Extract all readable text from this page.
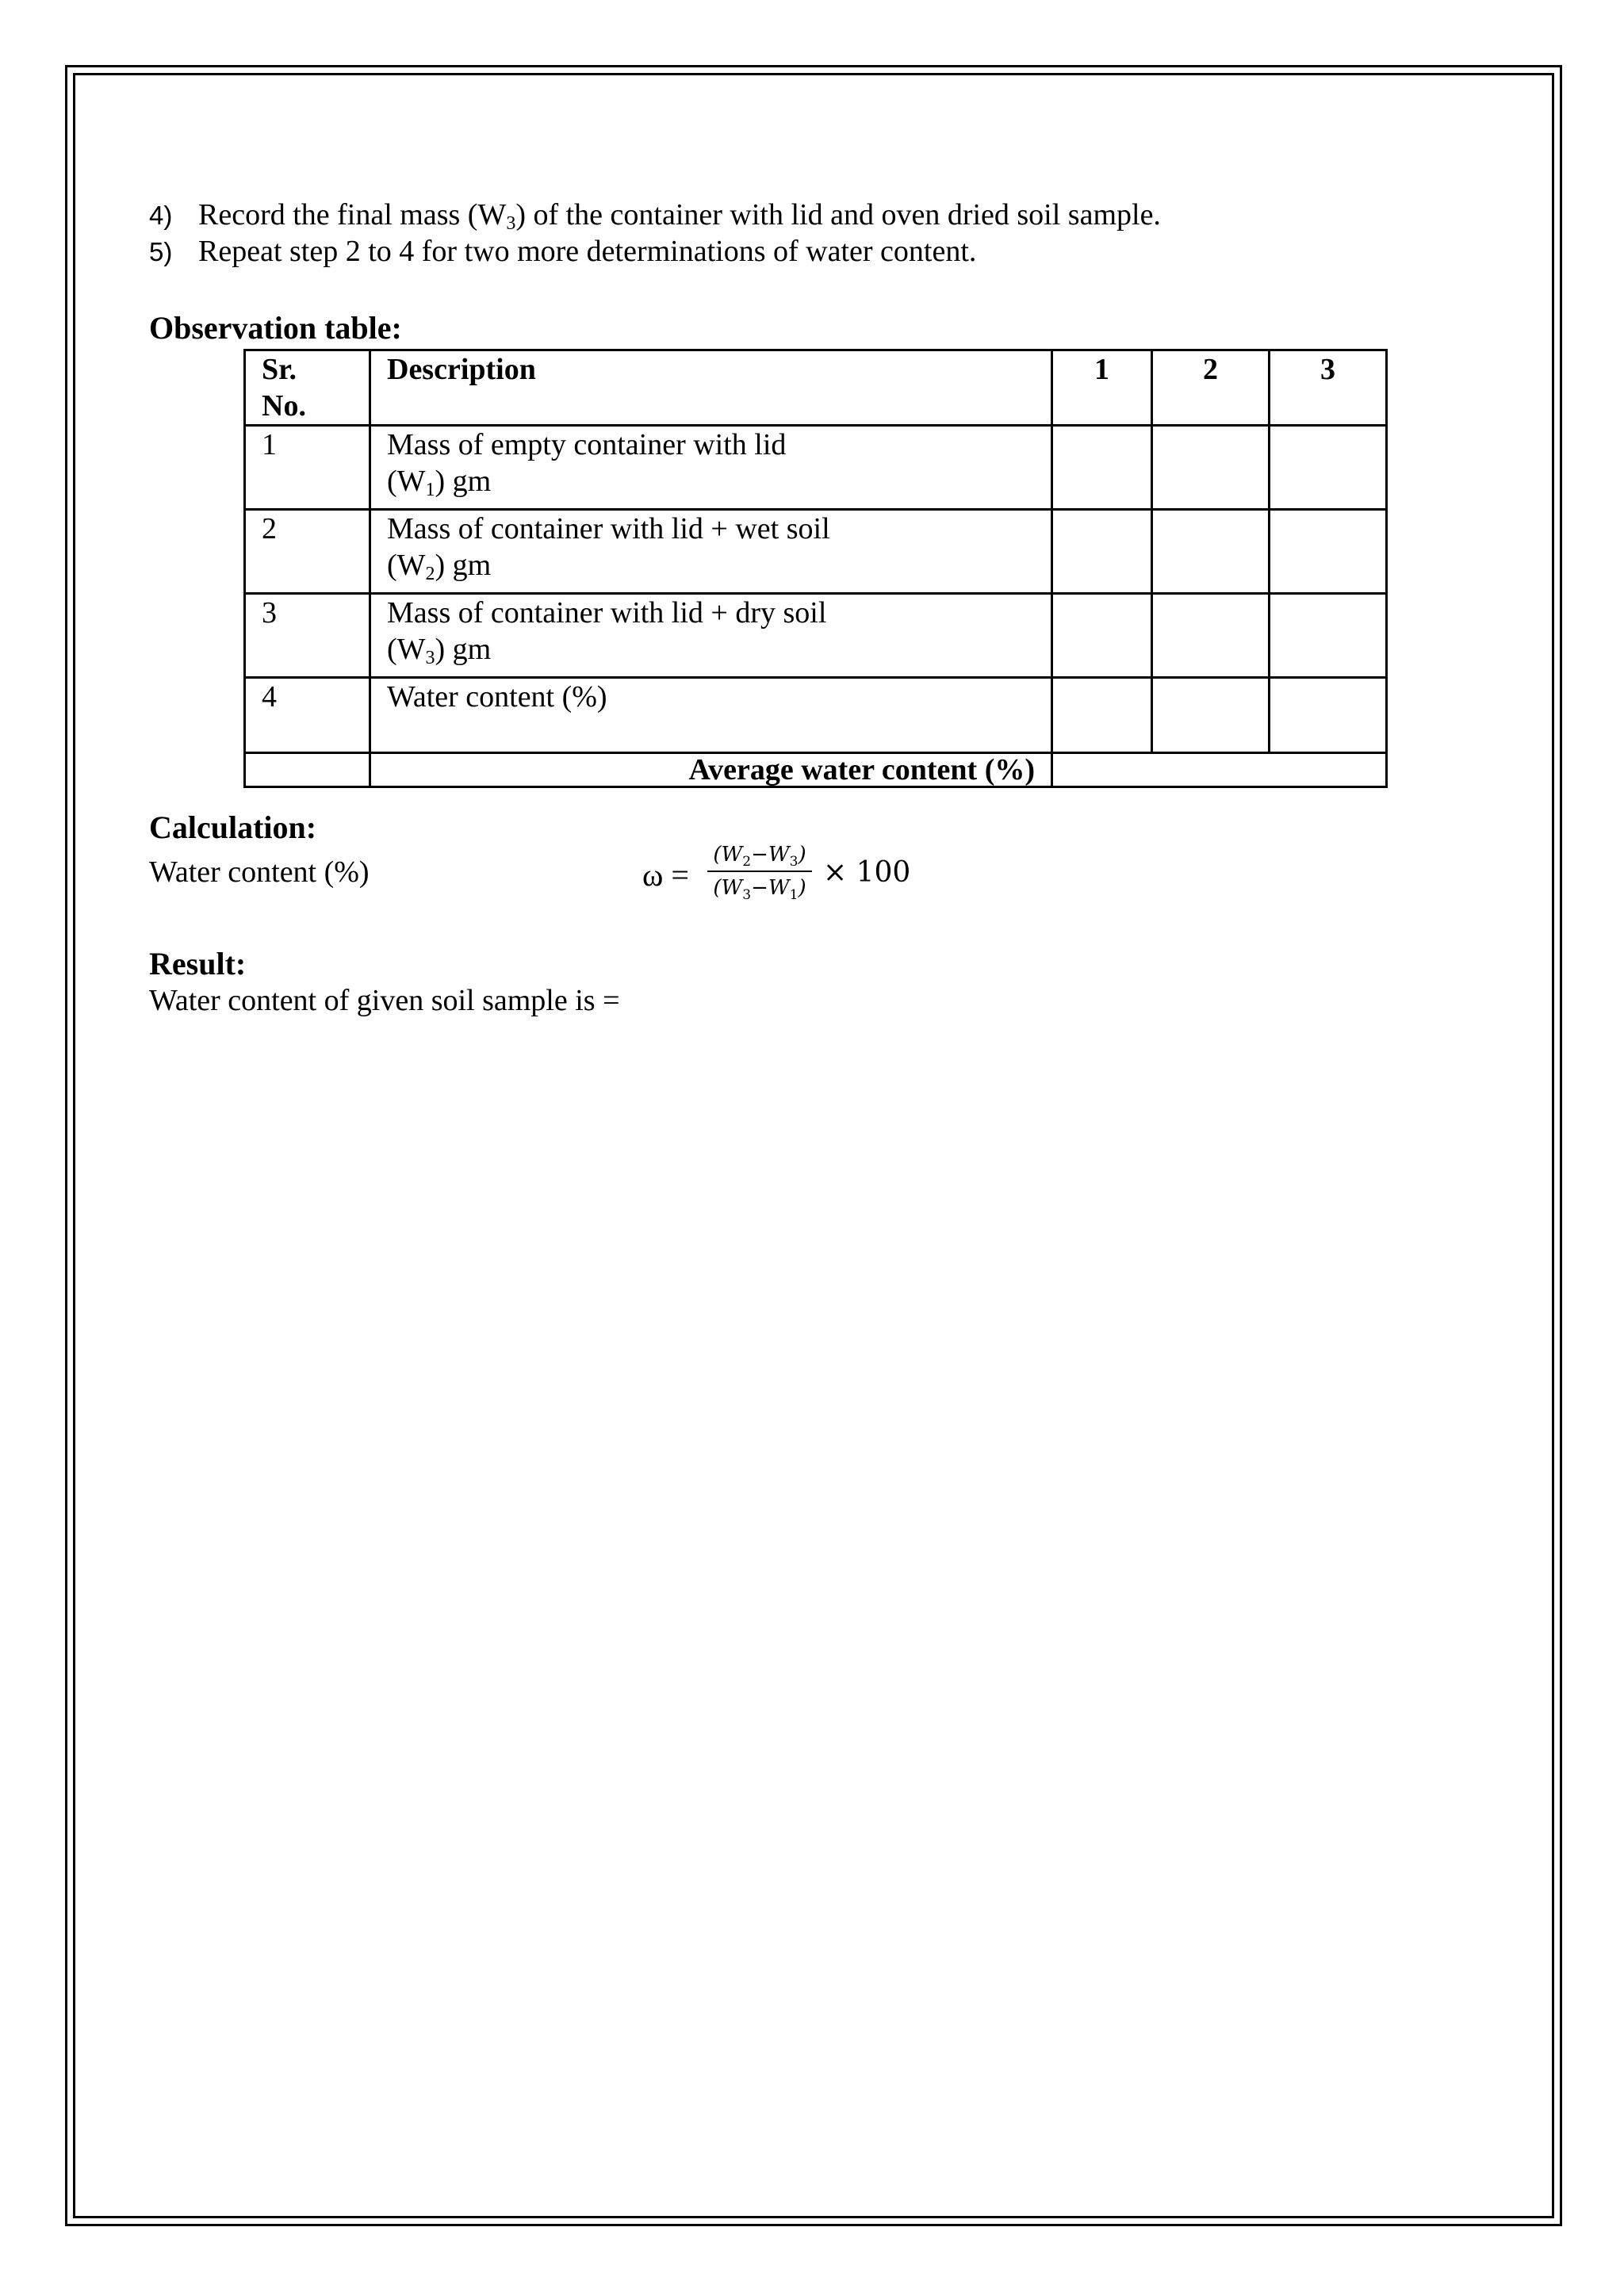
4) Record the final mass $(W_3)$ of the container with lid and oven dried soil sample.
5) Repeat step 2 to 4 for two more determinations of water content.
Observation table:
Sr.
No.	Description	1	2	3
1	Mass of empty container with lid
$(W_1)$ gm			
2	Mass of container with lid + wet soil
$(W_2)$ gm			
3	Mass of container with lid + dry soil
$(W_3)$ gm			
4	Water content (%)			
	Average water content (%)			
Calculation:
Water content (%)	ω =
$(W_2-W_3)$
$(W_3-W_1) \times 100$
Result:
Water content of given soil sample is =
